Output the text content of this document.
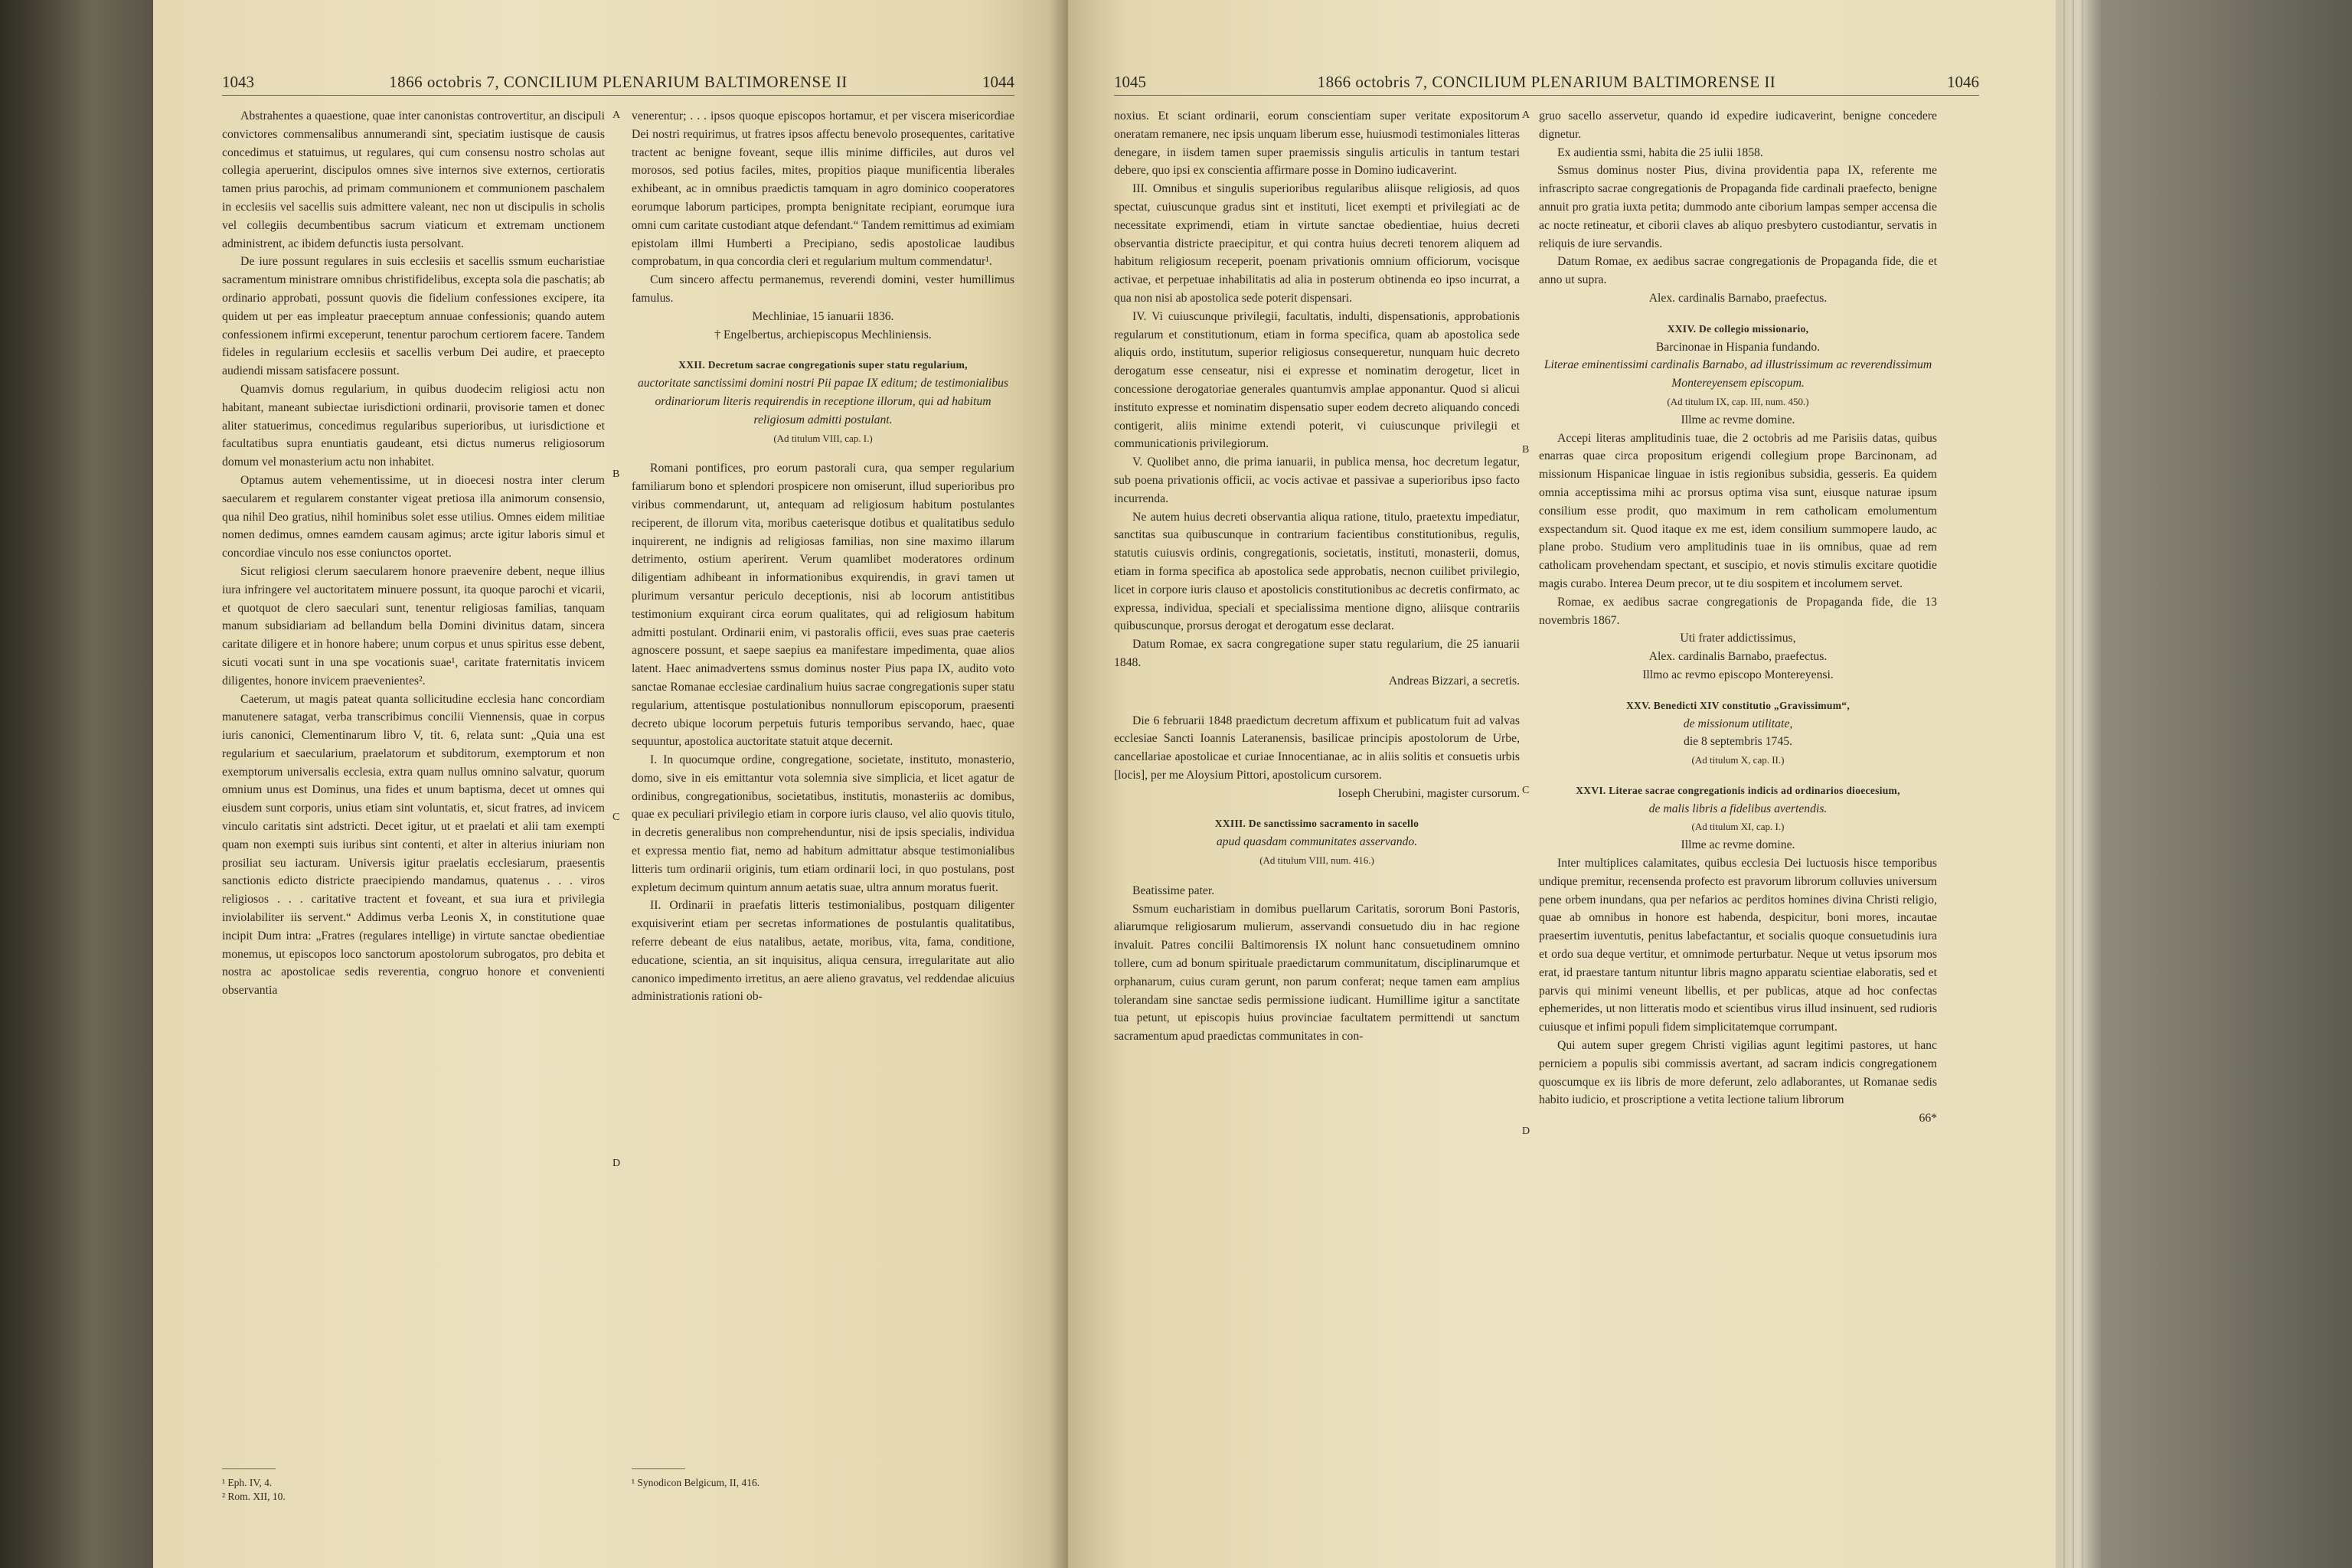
1043	1866 octobris 7, CONCILIUM PLENARIUM BALTIMORENSE II	1044

Abstrahentes a quaestione, quae inter canonistas controvertitur, an discipuli convictores commensalibus annumerandi sint, speciatim iustisque de causis concedimus et statuimus, ut regulares, qui cum consensu nostro scholas aut collegia aperuerint, discipulos omnes sive internos sive externos, certioratis tamen prius parochis, ad primam communionem et communionem paschalem in ecclesiis vel sacellis suis admittere valeant, nec non ut discipulis in scholis vel collegiis decumbentibus sacrum viaticum et extremam unctionem administrent, ac ibidem defunctis iusta persolvant.

De iure possunt regulares in suis ecclesiis et sacellis ssmum eucharistiae sacramentum ministrare omnibus christifidelibus, excepta sola die paschatis; ab ordinario approbati, possunt quovis die fidelium confessiones excipere, ita quidem ut per eas impleatur praeceptum annuae confessionis; quando autem confessionem infirmi exceperunt, tenentur parochum certiorem facere. Tandem fideles in regularium ecclesiis et sacellis verbum Dei audire, et praecepto audiendi missam satisfacere possunt.

Quamvis domus regularium, in quibus duodecim religiosi actu non habitant, maneant subiectae iurisdictioni ordinarii, provisorie tamen et donec aliter statuerimus, concedimus regularibus superioribus, ut iurisdictione et facultatibus supra enuntiatis gaudeant, etsi dictus numerus religiosorum domum vel monasterium actu non inhabitet.

Optamus autem vehementissime, ut in dioecesi nostra inter clerum saecularem et regularem constanter vigeat pretiosa illa animorum consensio, qua nihil Deo gratius, nihil hominibus solet esse utilius. Omnes eidem militiae nomen dedimus, omnes eamdem causam agimus; arcte igitur laboris simul et concordiae vinculo nos esse coniunctos oportet.

Sicut religiosi clerum saecularem honore praevenire debent, neque illius iura infringere vel auctoritatem minuere possunt, ita quoque parochi et vicarii, et quotquot de clero saeculari sunt, tenentur religiosas familias, tanquam manum subsidiariam ad bellandum bella Domini divinitus datam, sincera caritate diligere et in honore habere; unum corpus et unus spiritus esse debent, sicuti vocati sunt in una spe vocationis suae¹, caritate fraternitatis invicem diligentes, honore invicem praevenientes².

Caeterum, ut magis pateat quanta sollicitudine ecclesia hanc concordiam manutenere satagat, verba transcribimus concilii Viennensis, quae in corpus iuris canonici, Clementinarum libro V, tit. 6, relata sunt: „Quia una est regularium et saecularium, praelatorum et subditorum, exemptorum et non exemptorum universalis ecclesia, extra quam nullus omnino salvatur, quorum omnium unus est Dominus, una fides et unum baptisma, decet ut omnes qui eiusdem sunt corporis, unius etiam sint voluntatis, et, sicut fratres, ad invicem vinculo caritatis sint adstricti. Decet igitur, ut et praelati et alii tam exempti quam non exempti suis iuribus sint contenti, et alter in alterius iniuriam non prosiliat seu iacturam. Universis igitur praelatis ecclesiarum, praesentis sanctionis edicto districte praecipiendo mandamus, quatenus . . . viros religiosos . . . caritative tractent et foveant, et sua iura et privilegia inviolabiliter iis servent.“ Addimus verba Leonis X, in constitutione quae incipit Dum intra: „Fratres (regulares intellige) in virtute sanctae obedientiae monemus, ut episcopos loco sanctorum apostolorum subrogatos, pro debita et nostra ac apostolicae sedis reverentia, congruo honore et convenienti observantia

A
B
C
D

venerentur; . . . ipsos quoque episcopos hortamur, et per viscera misericordiae Dei nostri requirimus, ut fratres ipsos affectu benevolo prosequentes, caritative tractent ac benigne foveant, seque illis minime difficiles, aut duros vel morosos, sed potius faciles, mites, propitios piaque munificentia liberales exhibeant, ac in omnibus praedictis tamquam in agro dominico cooperatores eorumque laborum participes, prompta benignitate recipiant, eorumque iura omni cum caritate custodiant atque defendant.“ Tandem remittimus ad eximiam epistolam illmi Humberti a Precipiano, sedis apostolicae laudibus comprobatum, in qua concordia cleri et regularium multum commendatur¹.

Cum sincero affectu permanemus, reverendi domini, vester humillimus famulus.

Mechliniae, 15 ianuarii 1836.

† Engelbertus, archiepiscopus Mechliniensis.

XXII. Decretum sacrae congregationis super statu regularium,

auctoritate sanctissimi domini nostri Pii papae IX editum; de testimonialibus ordinariorum literis requirendis in receptione illorum, qui ad habitum religiosum admitti postulant.

(Ad titulum VIII, cap. I.)

Romani pontifices, pro eorum pastorali cura, qua semper regularium familiarum bono et splendori prospicere non omiserunt, illud superioribus pro viribus commendarunt, ut, antequam ad religiosum habitum postulantes reciperent, de illorum vita, moribus caeterisque dotibus et qualitatibus sedulo inquirerent, ne indignis ad religiosas familias, non sine maximo illarum detrimento, ostium aperirent. Verum quamlibet moderatores ordinum diligentiam adhibeant in informationibus exquirendis, in gravi tamen ut plurimum versantur periculo deceptionis, nisi ab locorum antistitibus testimonium exquirant circa eorum qualitates, qui ad religiosum habitum admitti postulant. Ordinarii enim, vi pastoralis officii, eves suas prae caeteris agnoscere possunt, et saepe saepius ea manifestare impedimenta, quae alios latent. Haec animadvertens ssmus dominus noster Pius papa IX, audito voto sanctae Romanae ecclesiae cardinalium huius sacrae congregationis super statu regularium, attentisque postulationibus nonnullorum episcoporum, praesenti decreto ubique locorum perpetuis futuris temporibus servando, haec, quae sequuntur, apostolica auctoritate statuit atque decernit.

I. In quocumque ordine, congregatione, societate, instituto, monasterio, domo, sive in eis emittantur vota solemnia sive simplicia, et licet agatur de ordinibus, congregationibus, societatibus, institutis, monasteriis ac domibus, quae ex peculiari privilegio etiam in corpore iuris clauso, vel alio quovis titulo, in decretis generalibus non comprehenduntur, nisi de ipsis specialis, individua et expressa mentio fiat, nemo ad habitum admittatur absque testimonialibus litteris tum ordinarii originis, tum etiam ordinarii loci, in quo postulans, post expletum decimum quintum annum aetatis suae, ultra annum moratus fuerit.

II. Ordinarii in praefatis litteris testimonialibus, postquam diligenter exquisiverint etiam per secretas informationes de postulantis qualitatibus, referre debeant de eius natalibus, aetate, moribus, vita, fama, conditione, educatione, scientia, an sit inquisitus, aliqua censura, irregularitate aut alio canonico impedimento irretitus, an aere alieno gravatus, vel reddendae alicuius administrationis rationi ob-

¹ Eph. IV, 4.
² Rom. XII, 10.
¹ Synodicon Belgicum, II, 416.
1045	1866 octobris 7, CONCILIUM PLENARIUM BALTIMORENSE II	1046

noxius. Et sciant ordinarii, eorum conscientiam super veritate expositorum oneratam remanere, nec ipsis unquam liberum esse, huiusmodi testimoniales litteras denegare, in iisdem tamen super praemissis singulis articulis in tantum testari debere, quo ipsi ex conscientia affirmare posse in Domino iudicaverint.

III. Omnibus et singulis superioribus regularibus aliisque religiosis, ad quos spectat, cuiuscunque gradus sint et instituti, licet exempti et privilegiati ac de necessitate exprimendi, etiam in virtute sanctae obedientiae, huius decreti observantia districte praecipitur, et qui contra huius decreti tenorem aliquem ad habitum religiosum receperit, poenam privationis omnium officiorum, vocisque activae, et perpetuae inhabilitatis ad alia in posterum obtinenda eo ipso incurrat, a qua non nisi ab apostolica sede poterit dispensari.

IV. Vi cuiuscunque privilegii, facultatis, indulti, dispensationis, approbationis regularum et constitutionum, etiam in forma specifica, quam ab apostolica sede aliquis ordo, institutum, superior religiosus consequeretur, nunquam huic decreto derogatum esse censeatur, nisi ei expresse et nominatim derogetur, licet in concessione derogatoriae generales quantumvis amplae apponantur. Quod si alicui instituto expresse et nominatim dispensatio super eodem decreto aliquando concedi contigerit, aliis minime extendi poterit, vi cuiuscunque privilegii et communicationis privilegiorum.

V. Quolibet anno, die prima ianuarii, in publica mensa, hoc decretum legatur, sub poena privationis officii, ac vocis activae et passivae a superioribus ipso facto incurrenda.

Ne autem huius decreti observantia aliqua ratione, titulo, praetextu impediatur, sanctitas sua quibuscunque in contrarium facientibus constitutionibus, regulis, statutis cuiusvis ordinis, congregationis, societatis, instituti, monasterii, domus, etiam in forma specifica ab apostolica sede approbatis, necnon cuilibet privilegio, licet in corpore iuris clauso et apostolicis constitutionibus ac decretis confirmato, ac expressa, individua, speciali et specialissima mentione digno, aliisque contrariis quibuscunque, prorsus derogat et derogatum esse declarat.

Datum Romae, ex sacra congregatione super statu regularium, die 25 ianuarii 1848.

Andreas Bizzari, a secretis.

Die 6 februarii 1848 praedictum decretum affixum et publicatum fuit ad valvas ecclesiae Sancti Ioannis Lateranensis, basilicae principis apostolorum de Urbe, cancellariae apostolicae et curiae Innocentianae, ac in aliis solitis et consuetis urbis [locis], per me Aloysium Pittori, apostolicum cursorem.

Ioseph Cherubini, magister cursorum.

XXIII. De sanctissimo sacramento in sacello

apud quasdam communitates asservando.

(Ad titulum VIII, num. 416.)

Beatissime pater.

Ssmum eucharistiam in domibus puellarum Caritatis, sororum Boni Pastoris, aliarumque religiosarum mulierum, asservandi consuetudo diu in hac regione invaluit. Patres concilii Baltimorensis IX nolunt hanc consuetudinem omnino tollere, cum ad bonum spirituale praedictarum communitatum, disciplinarumque et orphanarum, cuius curam gerunt, non parum conferat; neque tamen eam amplius tolerandam sine sanctae sedis permissione iudicant. Humillime igitur a sanctitate tua petunt, ut episcopis huius provinciae facultatem permittendi ut sanctum sacramentum apud praedictas communitates in con-

A
B
C
D

gruo sacello asservetur, quando id expedire iudicaverint, benigne concedere dignetur.

Ex audientia ssmi, habita die 25 iulii 1858.

Ssmus dominus noster Pius, divina providentia papa IX, referente me infrascripto sacrae congregationis de Propaganda fide cardinali praefecto, benigne annuit pro gratia iuxta petita; dummodo ante ciborium lampas semper accensa die ac nocte retineatur, et ciborii claves ab aliquo presbytero custodiantur, servatis in reliquis de iure servandis.

Datum Romae, ex aedibus sacrae congregationis de Propaganda fide, die et anno ut supra.

Alex. cardinalis Barnabo, praefectus.

XXIV. De collegio missionario,

Barcinonae in Hispania fundando.

Literae eminentissimi cardinalis Barnabo, ad illustrissimum ac reverendissimum Montereyensem episcopum.

(Ad titulum IX, cap. III, num. 450.)

Illme ac revme domine.

Accepi literas amplitudinis tuae, die 2 octobris ad me Parisiis datas, quibus enarras quae circa propositum erigendi collegium prope Barcinonam, ad missionum Hispanicae linguae in istis regionibus subsidia, gesseris. Ea quidem omnia acceptissima mihi ac prorsus optima visa sunt, eiusque naturae ipsum consilium esse prodit, quo maximum in rem catholicam emolumentum exspectandum sit. Quod itaque ex me est, idem consilium summopere laudo, ac plane probo. Studium vero amplitudinis tuae in iis omnibus, quae ad rem catholicam provehendam spectant, et suscipio, et novis stimulis excitare quotidie magis curabo. Interea Deum precor, ut te diu sospitem et incolumem servet.

Romae, ex aedibus sacrae congregationis de Propaganda fide, die 13 novembris 1867.

Uti frater addictissimus,

Alex. cardinalis Barnabo, praefectus.

Illmo ac revmo episcopo Montereyensi.

XXV. Benedicti XIV constitutio „Gravissimum“,

de missionum utilitate,

die 8 septembris 1745.

(Ad titulum X, cap. II.)

XXVI. Literae sacrae congregationis indicis ad ordinarios dioecesium,

de malis libris a fidelibus avertendis.

(Ad titulum XI, cap. I.)

Illme ac revme domine.

Inter multiplices calamitates, quibus ecclesia Dei luctuosis hisce temporibus undique premitur, recensenda profecto est pravorum librorum colluvies universum pene orbem inundans, qua per nefarios ac perditos homines divina Christi religio, quae ab omnibus in honore est habenda, despicitur, boni mores, incautae praesertim iuventutis, penitus labefactantur, et socialis quoque consuetudinis iura et ordo sua deque vertitur, et omnimode perturbatur. Neque ut vetus ipsorum mos erat, id praestare tantum nituntur libris magno apparatu scientiae elaboratis, sed et parvis qui minimi veneunt libellis, et per publicas, atque ad hoc confectas ephemerides, ut non litteratis modo et scientibus virus illud insinuent, sed rudioris cuiusque et infimi populi fidem simplicitatemque corrumpant.

Qui autem super gregem Christi vigilias agunt legitimi pastores, ut hanc perniciem a populis sibi commissis avertant, ad sacram indicis congregationem quoscumque ex iis libris de more deferunt, zelo adlaborantes, ut Romanae sedis habito iudicio, et proscriptione a vetita lectione talium librorum

66*
